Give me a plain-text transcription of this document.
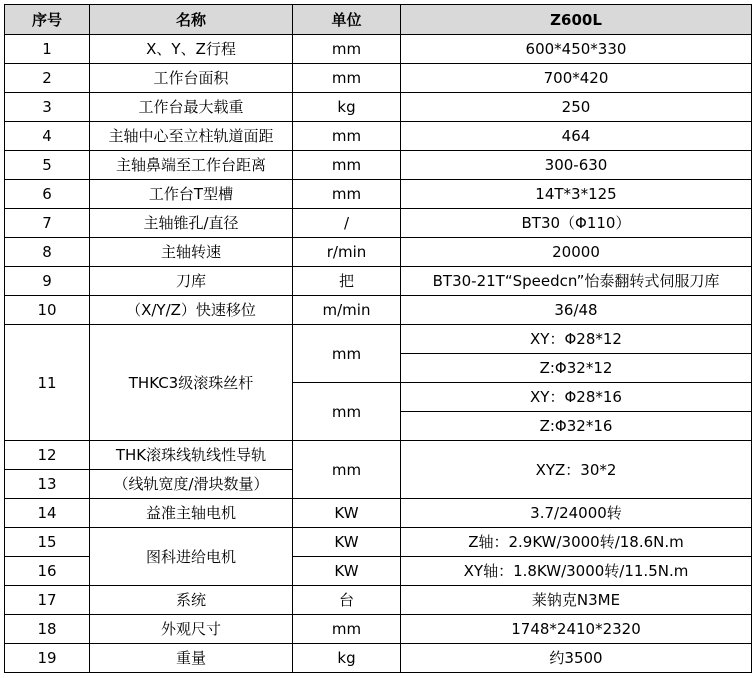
序号	名称	单位	Z600L
1	X、Y、Z行程	mm	600*450*330
2	工作台面积	mm	700*420
3	工作台最大载重	kg	250
4	主轴中心至立柱轨道面距	mm	464
5	主轴鼻端至工作台距离	mm	300-630
6	工作台T型槽	mm	14T*3*125
7	主轴锥孔/直径	/	BT30（Φ110）
8	主轴转速	r/min	20000
9	刀库	把	BT30-21T“Speedcn”怡泰翻转式伺服刀库
10	（X/Y/Z）快速移位	m/min	36/48
11	THKC3级滚珠丝杆	mm	XY：Φ28*12
			Z:Φ32*12
		mm	XY：Φ28*16
			Z:Φ32*16
12	THK滚珠线轨线性导轨	mm	XYZ：30*2
13	（线轨宽度/滑块数量）		
14	益准主轴电机	KW	3.7/24000转
15	图科进给电机	KW	Z轴：2.9KW/3000转/18.6N.m
16		KW	XY轴：1.8KW/3000转/11.5N.m
17	系统	台	莱钠克N3ME
18	外观尺寸	mm	1748*2410*2320
19	重量	kg	约3500
